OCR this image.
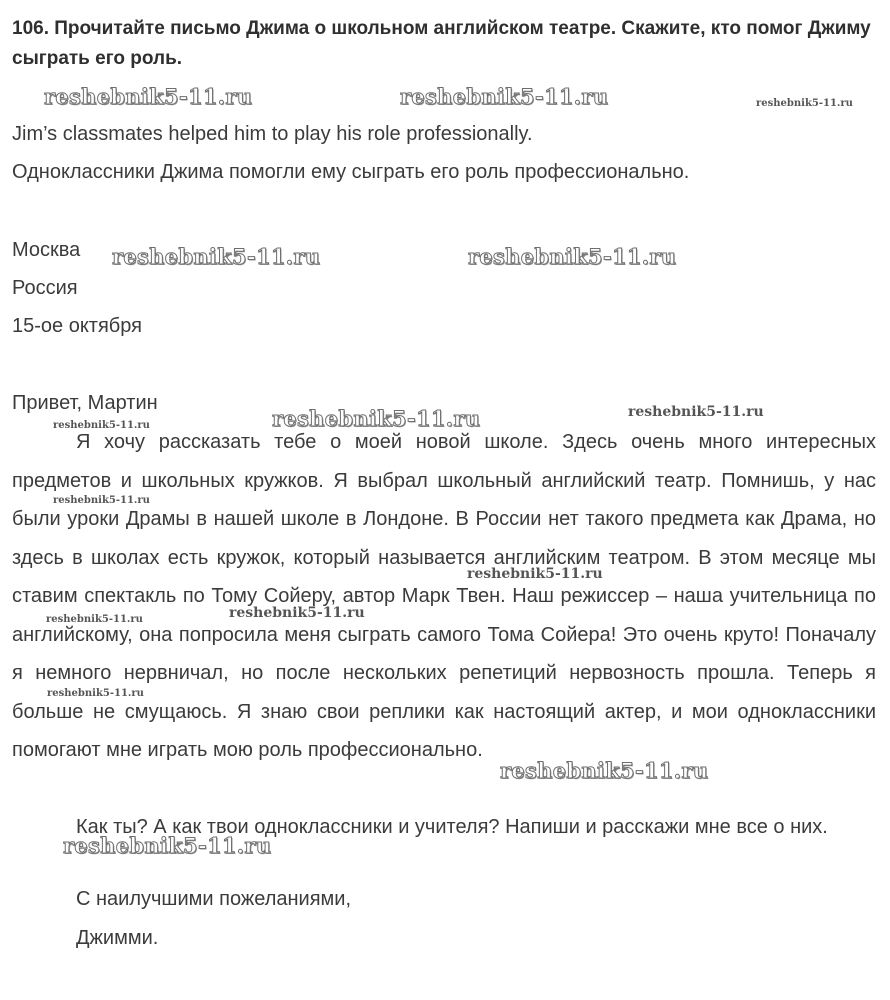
106. Прочитайте письмо Джима о школьном английском театре. Скажите, кто помог Джиму сыграть его роль.

Jim’s classmates helped him to play his role professionally.
Одноклассники Джима помогли ему сыграть его роль профессионально.
Москва
Россия
15-ое октября
Привет, Мартин

Я хочу рассказать тебе о моей новой школе. Здесь очень много интересных предметов и школьных кружков. Я выбрал школьный английский театр. Помнишь, у нас были уроки Драмы в нашей школе в Лондоне. В России нет такого предмета как Драма, но здесь в школах есть кружок, который называется английским театром. В этом месяце мы ставим спектакль по Тому Сойеру, автор Марк Твен. Наш режиссер – наша учительница по английскому, она попросила меня сыграть самого Тома Сойера! Это очень круто! Поначалу я немного нервничал, но после нескольких репетиций нервозность прошла. Теперь я больше не смущаюсь. Я знаю свои реплики как настоящий актер, и мои одноклассники помогают мне играть мою роль профессионально.

Как ты? А как твои одноклассники и учителя? Напиши и расскажи мне все о них.

С наилучшими пожеланиями,
Джимми.
reshebnik5-11.ru	reshebnik5-11.ru	reshebnik5-11.ru
reshebnik5-11.ru	reshebnik5-11.ru
reshebnik5-11.ru	reshebnik5-11.ru
reshebnik5-11.ru
reshebnik5-11.ru
reshebnik5-11.ru
reshebnik5-11.ru
reshebnik5-11.ru
reshebnik5-11.ru
reshebnik5-11.ru
reshebnik5-11.ru
